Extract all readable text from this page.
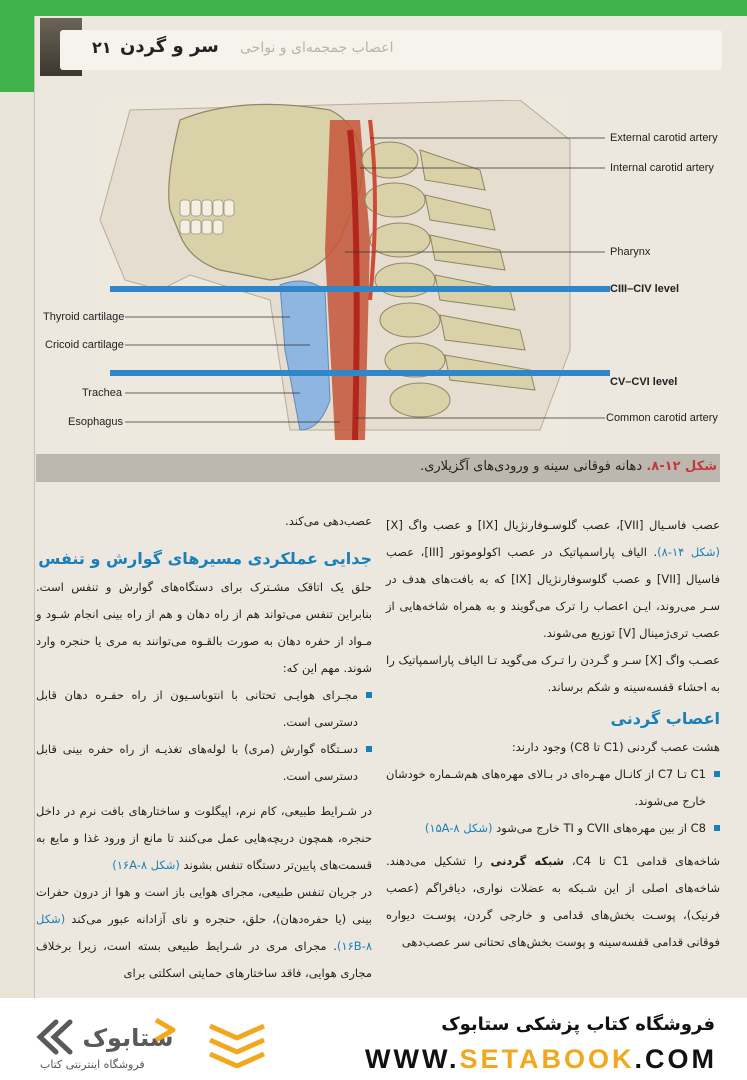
۲۱ سر و گردن اعصاب جمجمه‌ای و نواحی
External carotid artery
Internal carotid artery
Pharynx
CIII–CIV level
Thyroid cartilage
Cricoid cartilage
CV–CVI level
Trachea
Esophagus	Common carotid artery
شکل ۱۲-۸. دهانه فوقانی سینه و ورودی‌های آگزیلاری.

عصب فاسـیال [VII]، عصب گلوسـوفارنژیال [IX] و عصب واگ [X] (شکل ۱۴-۸). الیاف پاراسمپاتیک در عصب اکولوموتور [III]، عصب فاسیال [VII] و عصب گلوسوفارنژیال [IX] که به بافت‌های هدف در سـر می‌روند، ایـن اعصاب را ترک می‌گویند و به همراه شاخه‌هایی از عصب تری‌ژمینال [V] توزیع می‌شوند.

عصـب واگ [X] سـر و گـردن را تـرک می‌گوید تـا الیاف پاراسمپاتیک را به احشاء قفسه‌سینه و شکم برساند.

اعصاب گردنی

هشت عصب گردنی (C1 تا C8) وجود دارند:

C1 تـا C7 از کانـال مهـره‌ای در بـالای مهره‌های هم‌شـماره خودشان خارج می‌شوند.

C8 از بین مهره‌های CVII و TI خارج می‌شود (شکل ۱۵A-۸)

شاخه‌های قدامی C1 تا C4، شبکه گردنی را تشکیل می‌دهند. شاخه‌های اصلی از این شـبکه به عضلات نواری، دیافراگم (عصب فرنیک)، پوسـت بخش‌های قدامی و خارجی گردن، پوسـت دیواره فوقانی قدامی قفسه‌سینه و پوست بخش‌های تحتانی سر عصب‌دهی

عصب‌دهی می‌کند.

جدایی عملکردی مسیرهای گوارش و تنفس

حلق یک اتاقک مشـترک برای دستگاه‌های گوارش و تنفس است. بنابراین تنفس می‌تواند هم از راه دهان و هم از راه بینی انجام شـود و مـواد از حفره دهان به صورت بالقـوه می‌توانند به مری یا حنجره وارد شوند. مهم این که:

مجـرای هوایـی تحتانی با انتوباسـیون از راه حفـره دهان قابل دسترسی است.

دسـتگاه گوارش (مری) با لوله‌های تغذیـه از راه حفره بینی قابل دسترسی است.

در شـرایط طبیعی، کام نرم، اپیگلوت و ساختارهای بافت نرم در داخل حنجره، همچون دریچه‌هایی عمل می‌کنند تا مانع از ورود غذا و مایع به قسمت‌های پایین‌تر دستگاه تنفس بشوند (شکل ۱۶A-۸)

در جریان تنفس طبیعی، مجرای هوایی باز است و هوا از درون حفرات بینی (یا حفره‌دهان)، حلق، حنجره و نای آزادانه عبور می‌کند (شکل ۱۶B-۸). مجرای مری در شـرایط طبیعی بسته است، زیرا برخلاف مجاری هوایی، فاقد ساختارهای حمایتی اسکلتی برای

ستابوک
فروشگاه اینترنتی کتاب
فروشگاه کتاب پزشکی ستابوک
WWW.SETABOOK.COM
